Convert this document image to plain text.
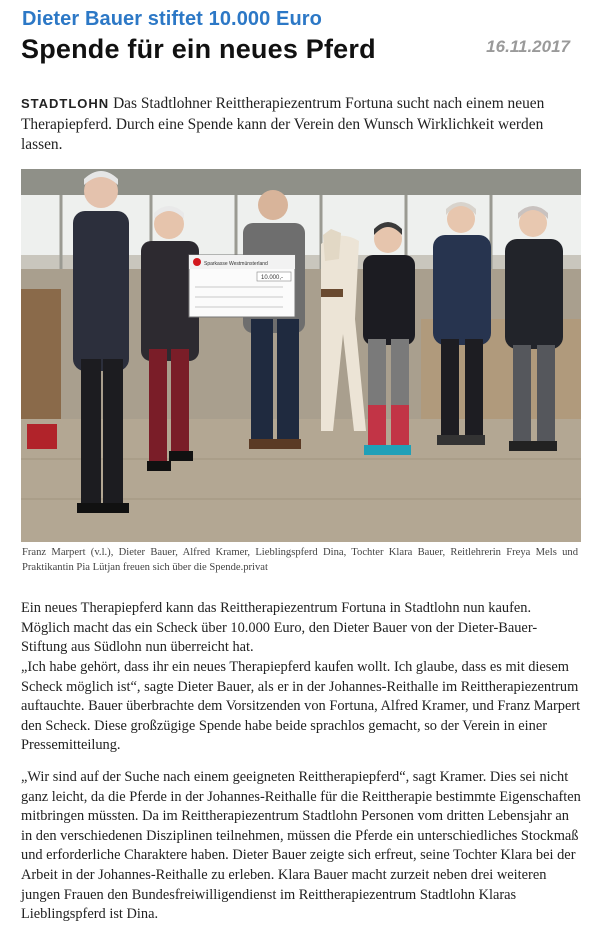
Dieter Bauer stiftet 10.000 Euro
16.11.2017
Spende für ein neues Pferd
STADTLOHN Das Stadtlohner Reittherapiezentrum Fortuna sucht nach einem neuen Therapiepferd. Durch eine Spende kann der Verein den Wunsch Wirklichkeit werden lassen.
Sparkasse Westmünsterland
10.000,-
Franz Marpert (v.l.), Dieter Bauer, Alfred Kramer, Lieblingspferd Dina, Tochter Klara Bauer, Reitlehrerin Freya Mels und Praktikantin Pia Lütjan freuen sich über die Spende.privat

Ein neues Therapiepferd kann das Reittherapiezentrum Fortuna in Stadtlohn nun kaufen. Möglich macht das ein Scheck über 10.000 Euro, den Dieter Bauer von der Dieter-Bauer-Stiftung aus Südlohn nun überreicht hat.

„Ich habe gehört, dass ihr ein neues Therapiepferd kaufen wollt. Ich glaube, dass es mit diesem Scheck möglich ist“, sagte Dieter Bauer, als er in der Johannes-Reithalle im Reittherapiezentrum auftauchte. Bauer überbrachte dem Vorsitzenden von Fortuna, Alfred Kramer, und Franz Marpert den Scheck. Diese großzügige Spende habe beide sprachlos gemacht, so der Verein in einer Pressemitteilung.

„Wir sind auf der Suche nach einem geeigneten Reittherapiepferd“, sagt Kramer. Dies sei nicht ganz leicht, da die Pferde in der Johannes-Reithalle für die Reittherapie bestimmte Eigenschaften mitbringen müssten. Da im Reittherapiezentrum Stadtlohn Personen vom dritten Lebensjahr an in den verschiedenen Disziplinen teilnehmen, müssen die Pferde ein unterschiedliches Stockmaß und erforderliche Charaktere haben. Dieter Bauer zeigte sich erfreut, seine Tochter Klara bei der Arbeit in der Johannes-Reithalle zu erleben. Klara Bauer macht zurzeit neben drei weiteren jungen Frauen den Bundesfreiwilligendienst im Reittherapiezentrum Stadtlohn Klaras Lieblingspferd ist Dina.
